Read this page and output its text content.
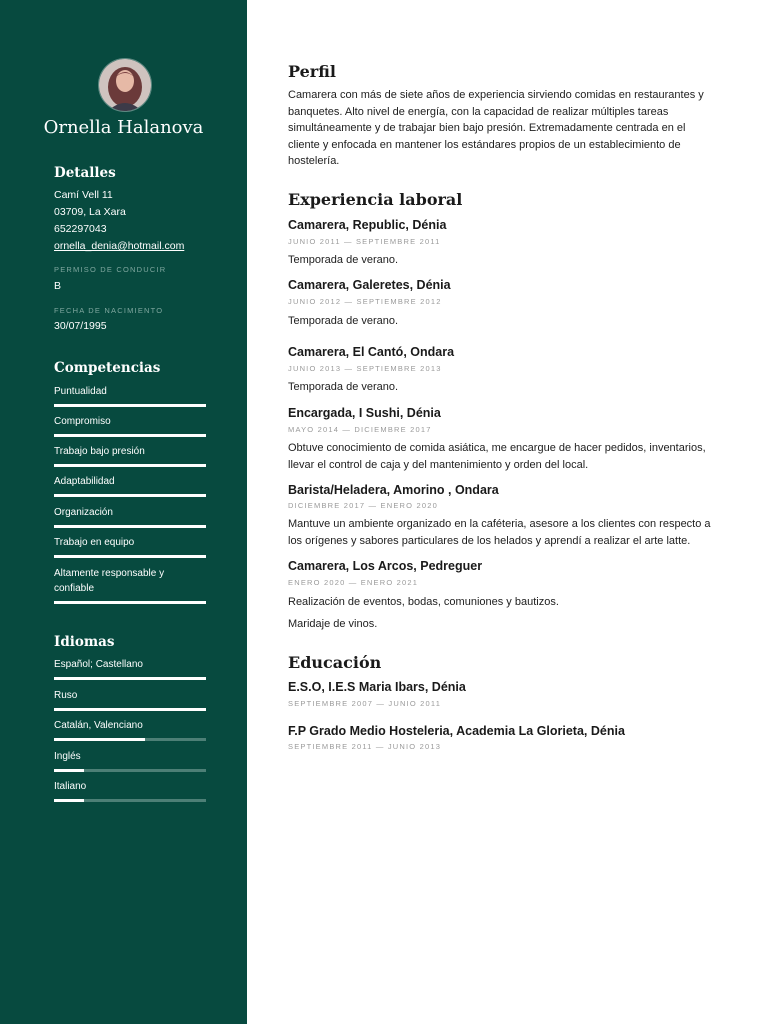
Ornella Halanova
Detalles
Camí Vell 11
03709, La Xara
652297043
ornella_denia@hotmail.com
PERMISO DE CONDUCIR
B
FECHA DE NACIMIENTO
30/07/1995
Competencias
Puntualidad
Compromiso
Trabajo bajo presión
Adaptabilidad
Organización
Trabajo en equipo
Altamente responsable y confiable
Idiomas
Español; Castellano
Ruso
Catalán, Valenciano
Inglés
Italiano
Perfil
Camarera con más de siete años de experiencia sirviendo comidas en restaurantes y banquetes. Alto nivel de energía, con la capacidad de realizar múltiples tareas simultáneamente y de trabajar bien bajo presión. Extremadamente centrada en el cliente y enfocada en mantener los estándares propios de un establecimiento de hostelería.
Experiencia laboral
Camarera, Republic, Dénia
JUNIO 2011 — SEPTIEMBRE 2011
Temporada de verano.
Camarera, Galeretes, Dénia
JUNIO 2012 — SEPTIEMBRE 2012
Temporada de verano.
Camarera, El Cantó, Ondara
JUNIO 2013 — SEPTIEMBRE 2013
Temporada de verano.
Encargada, I Sushi, Dénia
MAYO 2014 — DICIEMBRE 2017
Obtuve conocimiento de comida asiática, me encargue de hacer pedidos, inventarios, llevar el control de caja y del mantenimiento y orden del local.
Barista/Heladera, Amorino , Ondara
DICIEMBRE 2017 — ENERO 2020
Mantuve un ambiente organizado en la caféteria, asesore a los clientes con respecto a los orígenes y sabores particulares de los helados y aprendí a realizar el arte latte.
Camarera, Los Arcos, Pedreguer
ENERO 2020 — ENERO 2021
Realización de eventos, bodas, comuniones y bautizos.
Maridaje de vinos.
Educación
E.S.O, I.E.S Maria Ibars, Dénia
SEPTIEMBRE 2007 — JUNIO 2011
F.P Grado Medio Hosteleria, Academia La Glorieta, Dénia
SEPTIEMBRE 2011 — JUNIO 2013
